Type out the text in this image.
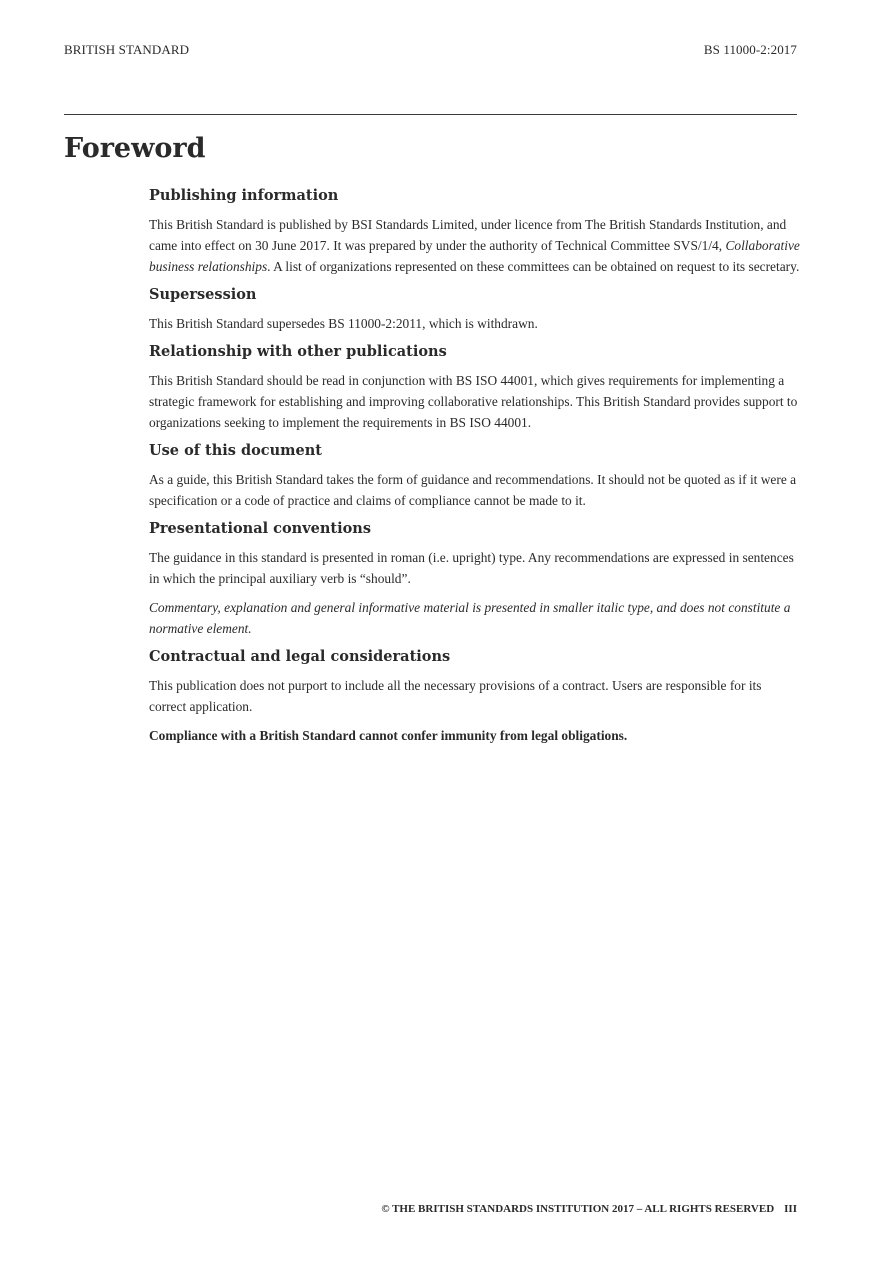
BRITISH STANDARD	BS 11000-2:2017
Foreword
Publishing information

This British Standard is published by BSI Standards Limited, under licence from The British Standards Institution, and came into effect on 30 June 2017. It was prepared by under the authority of Technical Committee SVS/1/4, Collaborative business relationships. A list of organizations represented on these committees can be obtained on request to its secretary.

Supersession

This British Standard supersedes BS 11000-2:2011, which is withdrawn.

Relationship with other publications

This British Standard should be read in conjunction with BS ISO 44001, which gives requirements for implementing a strategic framework for establishing and improving collaborative relationships. This British Standard provides support to organizations seeking to implement the requirements in BS ISO 44001.

Use of this document

As a guide, this British Standard takes the form of guidance and recommendations. It should not be quoted as if it were a specification or a code of practice and claims of compliance cannot be made to it.

Presentational conventions

The guidance in this standard is presented in roman (i.e. upright) type. Any recommendations are expressed in sentences in which the principal auxiliary verb is “should”.

Commentary, explanation and general informative material is presented in smaller italic type, and does not constitute a normative element.

Contractual and legal considerations

This publication does not purport to include all the necessary provisions of a contract. Users are responsible for its correct application.

Compliance with a British Standard cannot confer immunity from legal obligations.

© THE BRITISH STANDARDS INSTITUTION 2017 – ALL RIGHTS RESERVED III
